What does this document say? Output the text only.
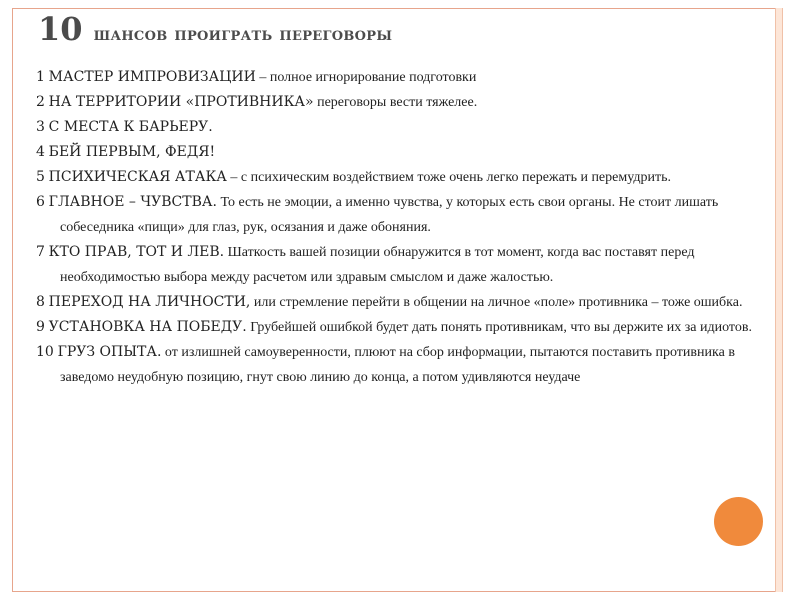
10 шансов проиграть переговоры

1 МАСТЕР ИМПРОВИЗАЦИИ – полное игнорирование подготовки

2 НА ТЕРРИТОРИИ «ПРОТИВНИКА» переговоры вести тяжелее.

3 С МЕСТА К БАРЬЕРУ.

4 БЕЙ ПЕРВЫМ, ФЕДЯ!

5 ПСИХИЧЕСКАЯ АТАКА – с психическим воздействием тоже очень легко пережать и перемудрить.

6 ГЛАВНОЕ – ЧУВСТВА. То есть не эмоции, а именно чувства, у которых есть свои органы. Не стоит лишать собеседника «пищи» для глаз, рук, осязания и даже обоняния.

7 КТО ПРАВ, ТОТ И ЛЕВ. Шаткость вашей позиции обнаружится в тот момент, когда вас поставят перед необходимостью выбора между расчетом или здравым смыслом и даже жалостью.

8 ПЕРЕХОД НА ЛИЧНОСТИ, или стремление перейти в общении на личное «поле» противника – тоже ошибка.

9 УСТАНОВКА НА ПОБЕДУ. Грубейшей ошибкой будет дать понять противникам, что вы держите их за идиотов.

10 ГРУЗ ОПЫТА. от излишней самоуверенности, плюют на сбор информации, пытаются поставить противника в заведомо неудобную позицию, гнут свою линию до конца, а потом удивляются неудаче
